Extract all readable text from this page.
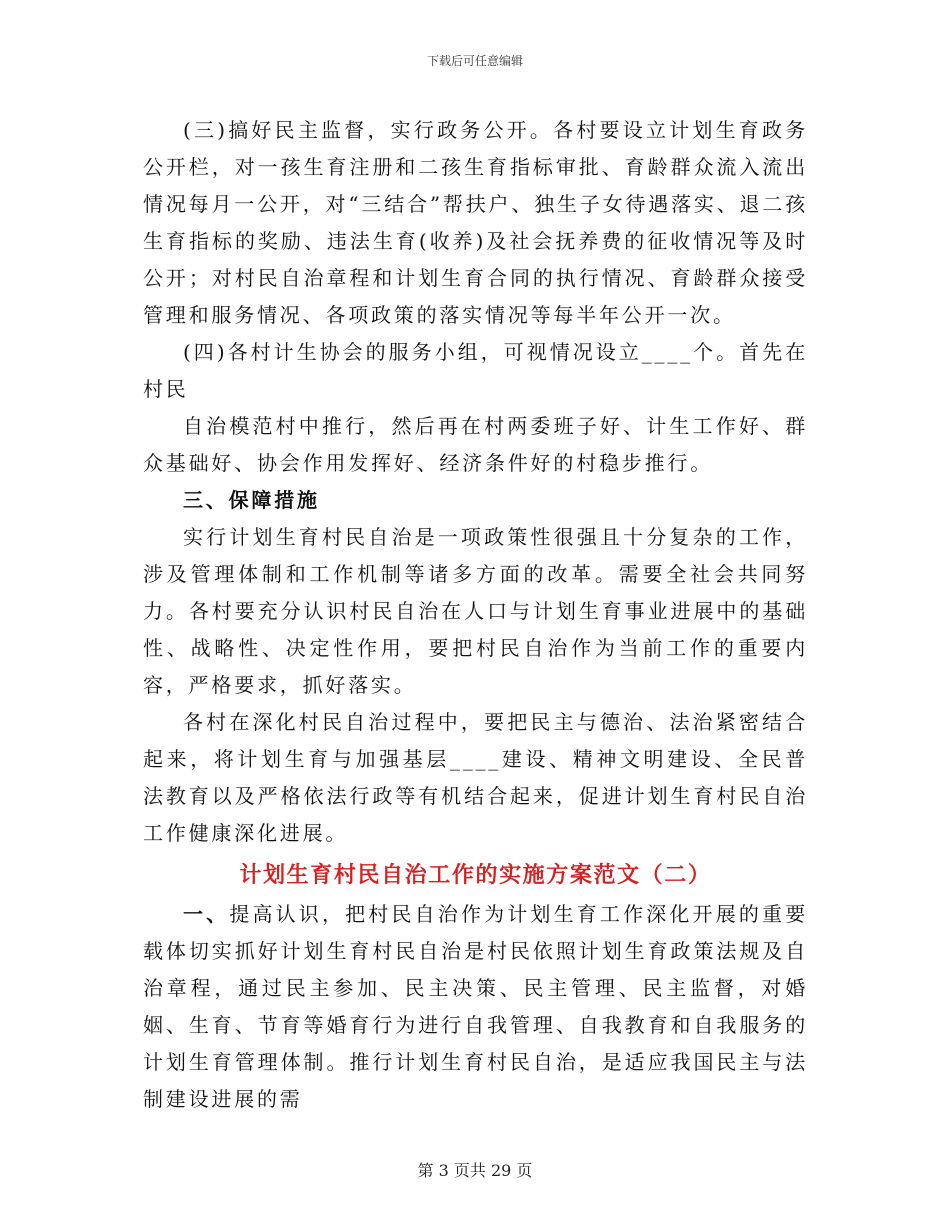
下载后可任意编辑

(三)搞好民主监督，实行政务公开。各村要设立计划生育政务公开栏，对一孩生育注册和二孩生育指标审批、育龄群众流入流出情况每月一公开，对“三结合”帮扶户、独生子女待遇落实、退二孩生育指标的奖励、违法生育(收养)及社会抚养费的征收情况等及时公开；对村民自治章程和计划生育合同的执行情况、育龄群众接受管理和服务情况、各项政策的落实情况等每半年公开一次。

(四)各村计生协会的服务小组，可视情况设立____个。首先在村民

自治模范村中推行，然后再在村两委班子好、计生工作好、群众基础好、协会作用发挥好、经济条件好的村稳步推行。

三、保障措施

实行计划生育村民自治是一项政策性很强且十分复杂的工作，涉及管理体制和工作机制等诸多方面的改革。需要全社会共同努力。各村要充分认识村民自治在人口与计划生育事业进展中的基础性、战略性、决定性作用，要把村民自治作为当前工作的重要内容，严格要求，抓好落实。

各村在深化村民自治过程中，要把民主与德治、法治紧密结合起来，将计划生育与加强基层____建设、精神文明建设、全民普法教育以及严格依法行政等有机结合起来，促进计划生育村民自治工作健康深化进展。

计划生育村民自治工作的实施方案范文（二）

一、提高认识，把村民自治作为计划生育工作深化开展的重要载体切实抓好计划生育村民自治是村民依照计划生育政策法规及自治章程，通过民主参加、民主决策、民主管理、民主监督，对婚姻、生育、节育等婚育行为进行自我管理、自我教育和自我服务的计划生育管理体制。推行计划生育村民自治，是适应我国民主与法制建设进展的需

第 3 页共 29 页
